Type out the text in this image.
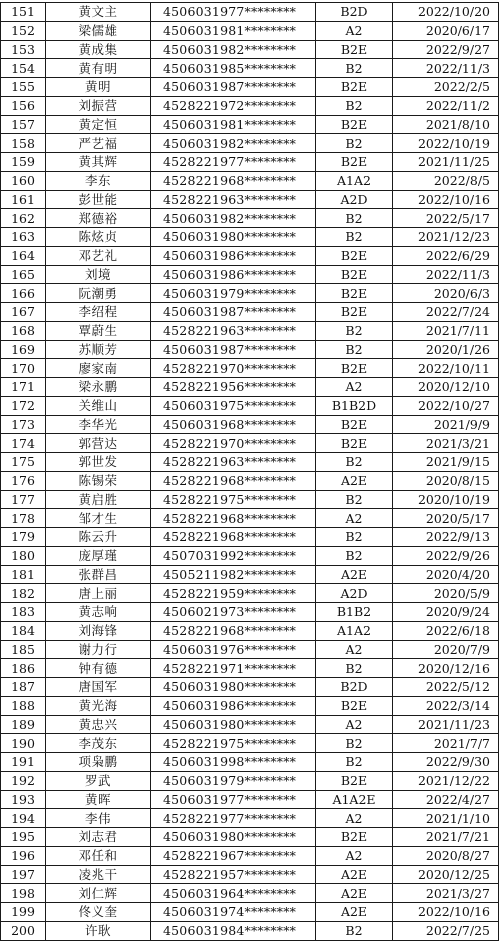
151	黄文主	4506031977********	B2D	2022/10/20
152	梁儒雄	4506031981********	A2	2020/6/17
153	黄成集	4506031982********	B2E	2022/9/27
154	黄有明	4506031985********	B2	2022/11/3
155	黄明	4506031987********	B2E	2022/2/5
156	刘振营	4528221972********	B2	2022/11/2
157	黄定恒	4506031981********	B2E	2021/8/10
158	严艺福	4506031982********	B2	2022/10/19
159	黄其辉	4528221977********	B2E	2021/11/25
160	李东	4528221968********	A1A2	2022/8/5
161	彭世能	4528221963********	A2D	2022/10/16
162	郑德裕	4506031982********	B2	2022/5/17
163	陈炫贞	4506031980********	B2	2021/12/23
164	邓艺礼	4506031986********	B2E	2022/6/29
165	刘境	4506031986********	B2E	2022/11/3
166	阮潮勇	4506031979********	B2E	2020/6/3
167	李绍程	4506031987********	B2E	2022/7/24
168	覃蔚生	4528221963********	B2	2021/7/11
169	苏顺芳	4506031987********	B2	2020/1/26
170	廖家南	4528221970********	B2E	2022/10/11
171	梁永鹏	4528221956********	A2	2020/12/10
172	关维山	4506031975********	B1B2D	2022/10/27
173	李华光	4506031968********	B2E	2021/9/9
174	郭营达	4528221970********	B2E	2021/3/21
175	郭世发	4528221963********	B2	2021/9/15
176	陈锡荣	4528221968********	A2E	2020/8/15
177	黄启胜	4528221975********	B2	2020/10/19
178	邹才生	4528221968********	A2	2020/5/17
179	陈云升	4528221968********	B2	2022/9/13
180	庞厚瑾	4507031992********	B2	2022/9/26
181	张群昌	4505211982********	A2E	2020/4/20
182	唐上丽	4528221959********	A2D	2020/5/9
183	黄志响	4506021973********	B1B2	2020/9/24
184	刘海锋	4528221968********	A1A2	2022/6/18
185	谢力行	4506031976********	A2	2020/7/9
186	钟有德	4528221971********	B2	2020/12/16
187	唐国军	4506031980********	B2D	2022/5/12
188	黄光海	4506031986********	B2E	2022/3/14
189	黄忠兴	4506031980********	A2	2021/11/23
190	李茂东	4528221975********	B2	2021/7/7
191	项枭鹏	4506031998********	B2	2022/9/30
192	罗武	4506031979********	B2E	2021/12/22
193	黄晖	4506031977********	A1A2E	2022/4/27
194	李伟	4528221977********	A2	2021/1/10
195	刘志君	4506031980********	B2E	2021/7/21
196	邓任和	4528221967********	A2	2020/8/27
197	凌兆干	4528221957********	A2E	2020/12/25
198	刘仁辉	4506031964********	A2E	2021/3/27
199	佟义奎	4506031974********	A2E	2022/10/16
200	许耿	4506031984********	B2	2022/7/25
